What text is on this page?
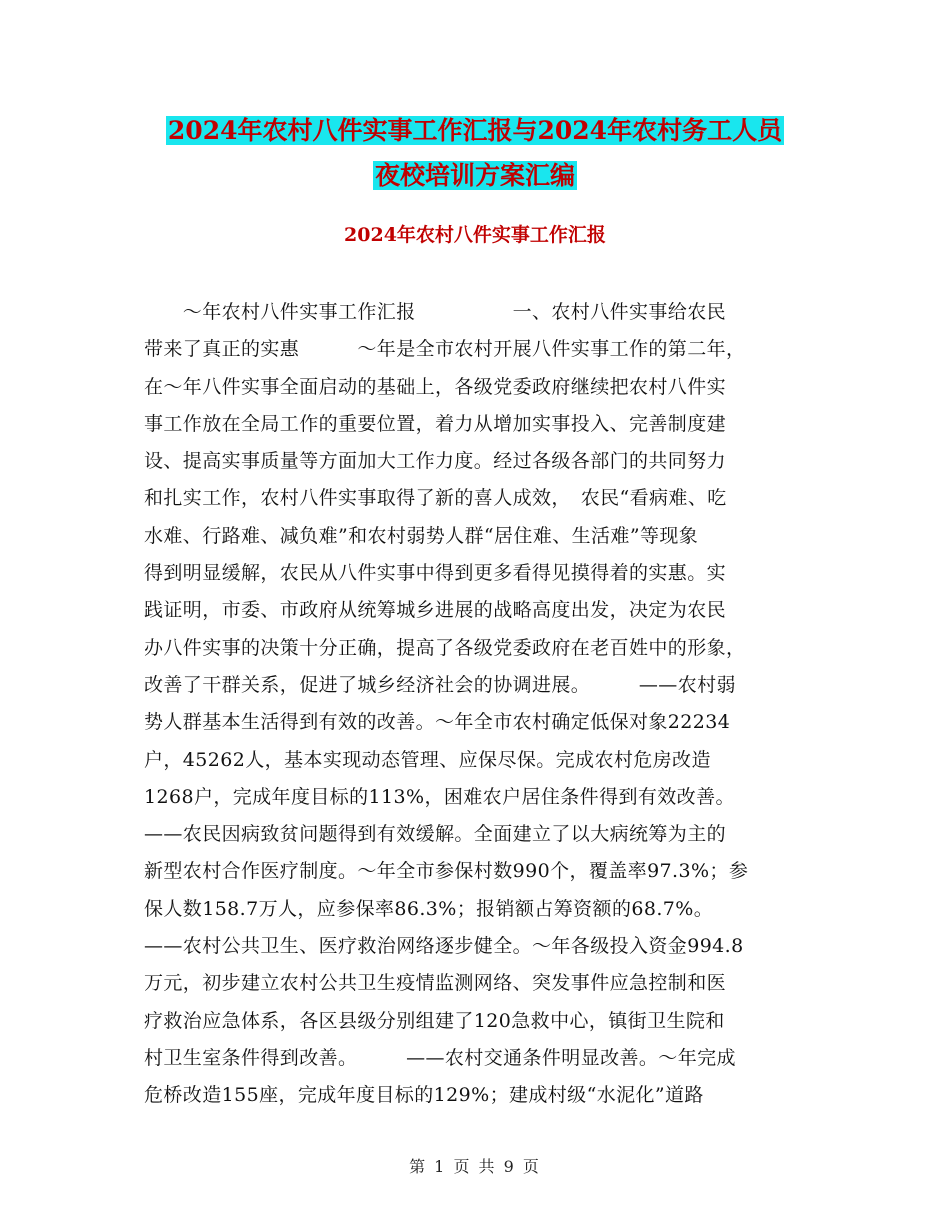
2024年农村八件实事工作汇报与2024年农村务工人员
夜校培训方案汇编
2024年农村八件实事工作汇报
　　～年农村八件实事工作汇报　　　　　一、农村八件实事给农民
带来了真正的实惠　　　～年是全市农村开展八件实事工作的第二年，
在～年八件实事全面启动的基础上，各级党委政府继续把农村八件实
事工作放在全局工作的重要位置，着力从增加实事投入、完善制度建
设、提高实事质量等方面加大工作力度。经过各级各部门的共同努力
和扎实工作，农村八件实事取得了新的喜人成效，　农民“看病难、吃
水难、行路难、减负难”和农村弱势人群“居住难、生活难”等现象
得到明显缓解，农民从八件实事中得到更多看得见摸得着的实惠。实
践证明，市委、市政府从统筹城乡进展的战略高度出发，决定为农民
办八件实事的决策十分正确，提高了各级党委政府在老百姓中的形象，
改善了干群关系，促进了城乡经济社会的协调进展。　　　——农村弱
势人群基本生活得到有效的改善。～年全市农村确定低保对象22234
户，45262人，基本实现动态管理、应保尽保。完成农村危房改造
1268户，完成年度目标的113%，困难农户居住条件得到有效改善。
——农民因病致贫问题得到有效缓解。全面建立了以大病统筹为主的
新型农村合作医疗制度。～年全市参保村数990个，覆盖率97.3%；参
保人数158.7万人，应参保率86.3%；报销额占筹资额的68.7%。
——农村公共卫生、医疗救治网络逐步健全。～年各级投入资金994.8
万元，初步建立农村公共卫生疫情监测网络、突发事件应急控制和医
疗救治应急体系，各区县级分别组建了120急救中心，镇街卫生院和
村卫生室条件得到改善。　　　——农村交通条件明显改善。～年完成
危桥改造155座，完成年度目标的129%；建成村级“水泥化”道路
第 1 页 共 9 页
